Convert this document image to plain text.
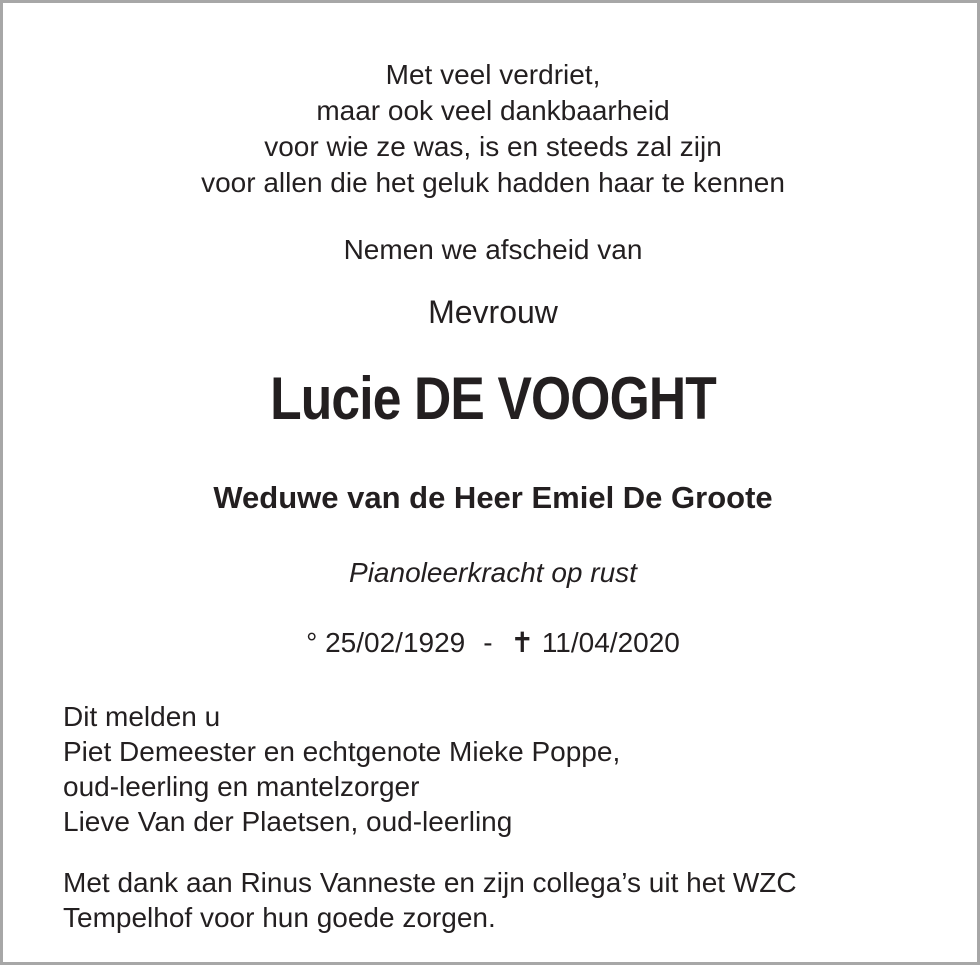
Met veel verdriet,
maar ook veel dankbaarheid
voor wie ze was, is en steeds zal zijn
voor allen die het geluk hadden haar te kennen
Nemen we afscheid van
Mevrouw
Lucie DE VOOGHT
Weduwe van de Heer Emiel De Groote
Pianoleerkracht op rust
° 25/02/1929 - ✝ 11/04/2020
Dit melden u
Piet Demeester en echtgenote Mieke Poppe,
oud-leerling en mantelzorger
Lieve Van der Plaetsen, oud-leerling
Met dank aan Rinus Vanneste en zijn collega’s uit het WZC
Tempelhof voor hun goede zorgen.
